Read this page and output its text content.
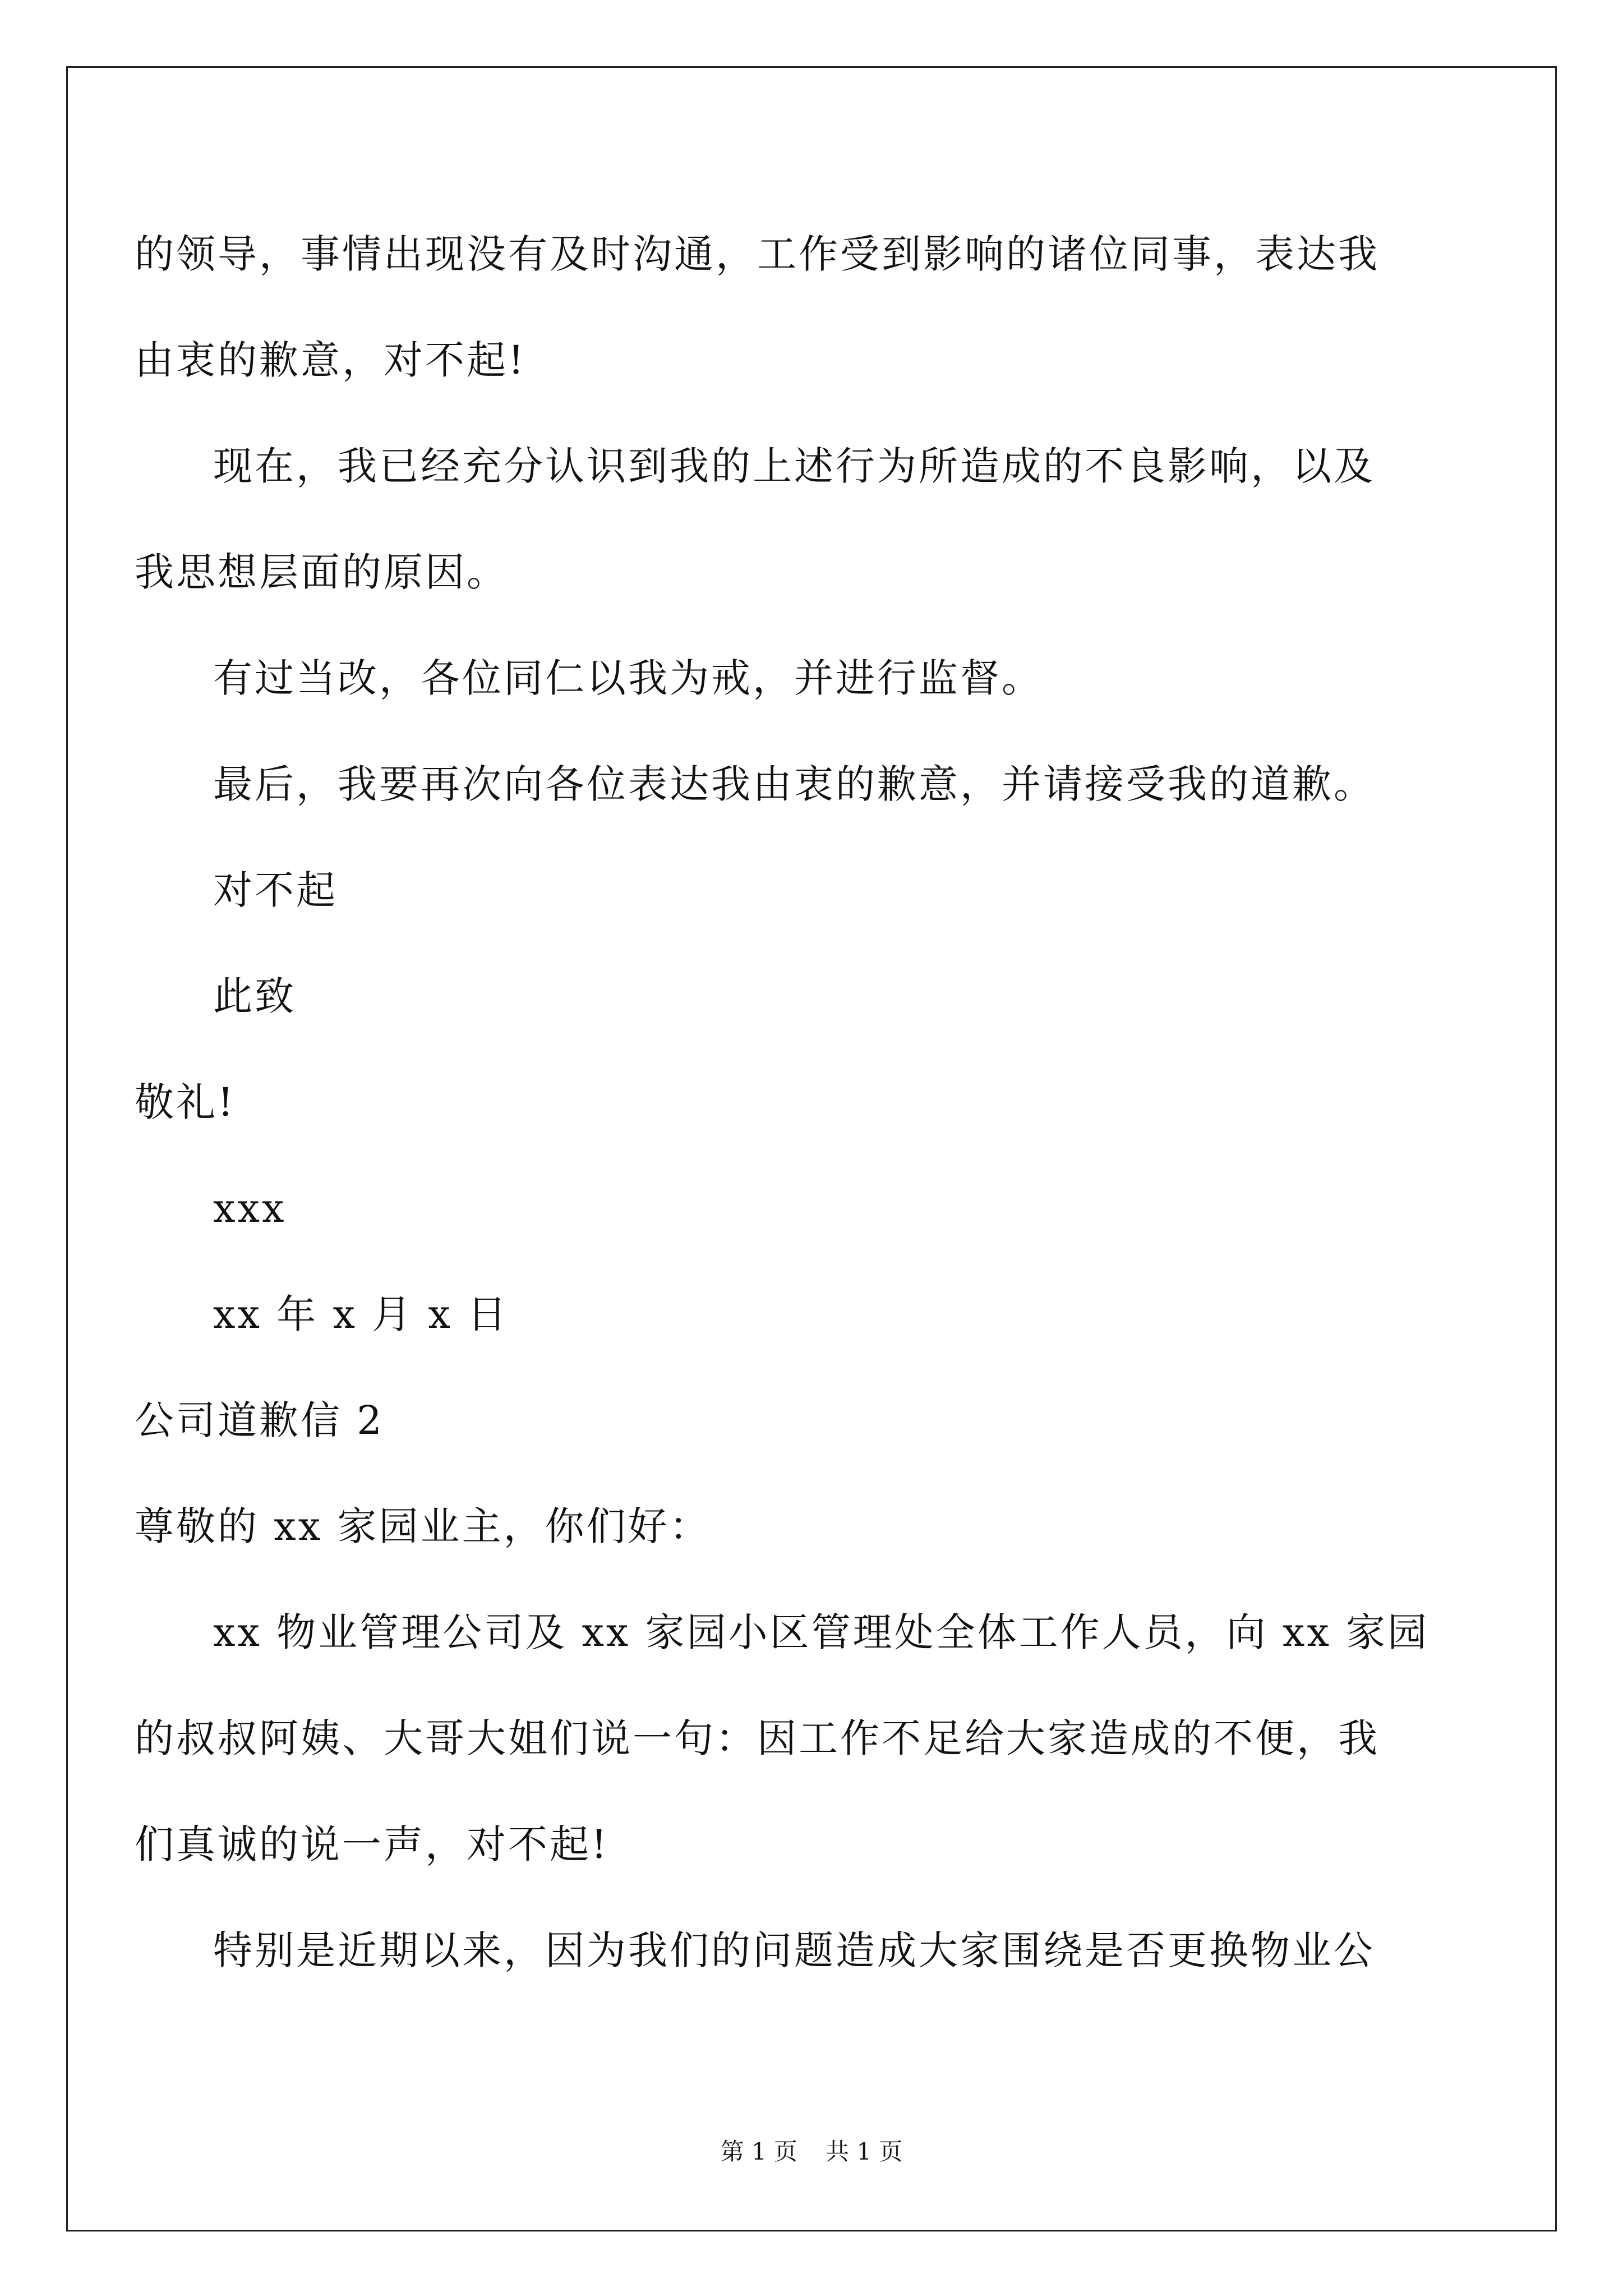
的领导，事情出现没有及时沟通，工作受到影响的诸位同事，表达我
由衷的歉意，对不起!
现在，我已经充分认识到我的上述行为所造成的不良影响，以及
我思想层面的原因。
有过当改，各位同仁以我为戒，并进行监督。
最后，我要再次向各位表达我由衷的歉意，并请接受我的道歉。
对不起
此致
敬礼!
xxx
xx 年 x 月 x 日
公司道歉信 2
尊敬的 xx 家园业主，你们好：
xx 物业管理公司及 xx 家园小区管理处全体工作人员，向 xx 家园
的叔叔阿姨、大哥大姐们说一句：因工作不足给大家造成的不便，我
们真诚的说一声，对不起!
特别是近期以来，因为我们的问题造成大家围绕是否更换物业公
第 1 页 共 1 页
